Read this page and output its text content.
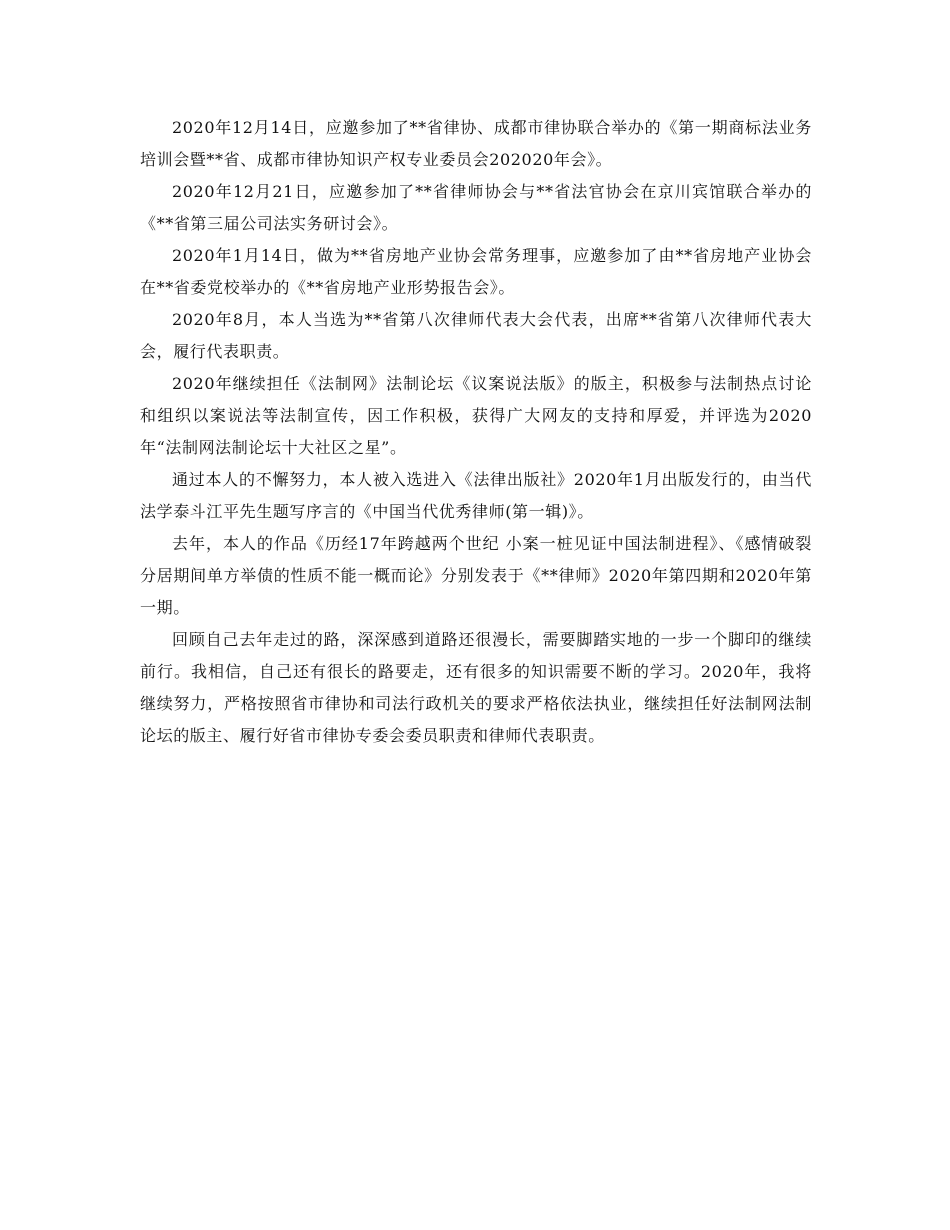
2020年12月14日，应邀参加了**省律协、成都市律协联合举办的《第一期商标法业务培训会暨**省、成都市律协知识产权专业委员会202020年会》。

2020年12月21日，应邀参加了**省律师协会与**省法官协会在京川宾馆联合举办的《**省第三届公司法实务研讨会》。

2020年1月14日，做为**省房地产业协会常务理事，应邀参加了由**省房地产业协会在**省委党校举办的《**省房地产业形势报告会》。

2020年8月，本人当选为**省第八次律师代表大会代表，出席**省第八次律师代表大会，履行代表职责。

2020年继续担任《法制网》法制论坛《议案说法版》的版主，积极参与法制热点讨论和组织以案说法等法制宣传，因工作积极，获得广大网友的支持和厚爱，并评选为2020年“法制网法制论坛十大社区之星”。

通过本人的不懈努力，本人被入选进入《法律出版社》2020年1月出版发行的，由当代法学泰斗江平先生题写序言的《中国当代优秀律师(第一辑)》。

去年，本人的作品《历经17年跨越两个世纪 小案一桩见证中国法制进程》、《感情破裂分居期间单方举债的性质不能一概而论》分别发表于《**律师》2020年第四期和2020年第一期。

回顾自己去年走过的路，深深感到道路还很漫长，需要脚踏实地的一步一个脚印的继续前行。我相信，自己还有很长的路要走，还有很多的知识需要不断的学习。2020年，我将继续努力，严格按照省市律协和司法行政机关的要求严格依法执业，继续担任好法制网法制论坛的版主、履行好省市律协专委会委员职责和律师代表职责。
